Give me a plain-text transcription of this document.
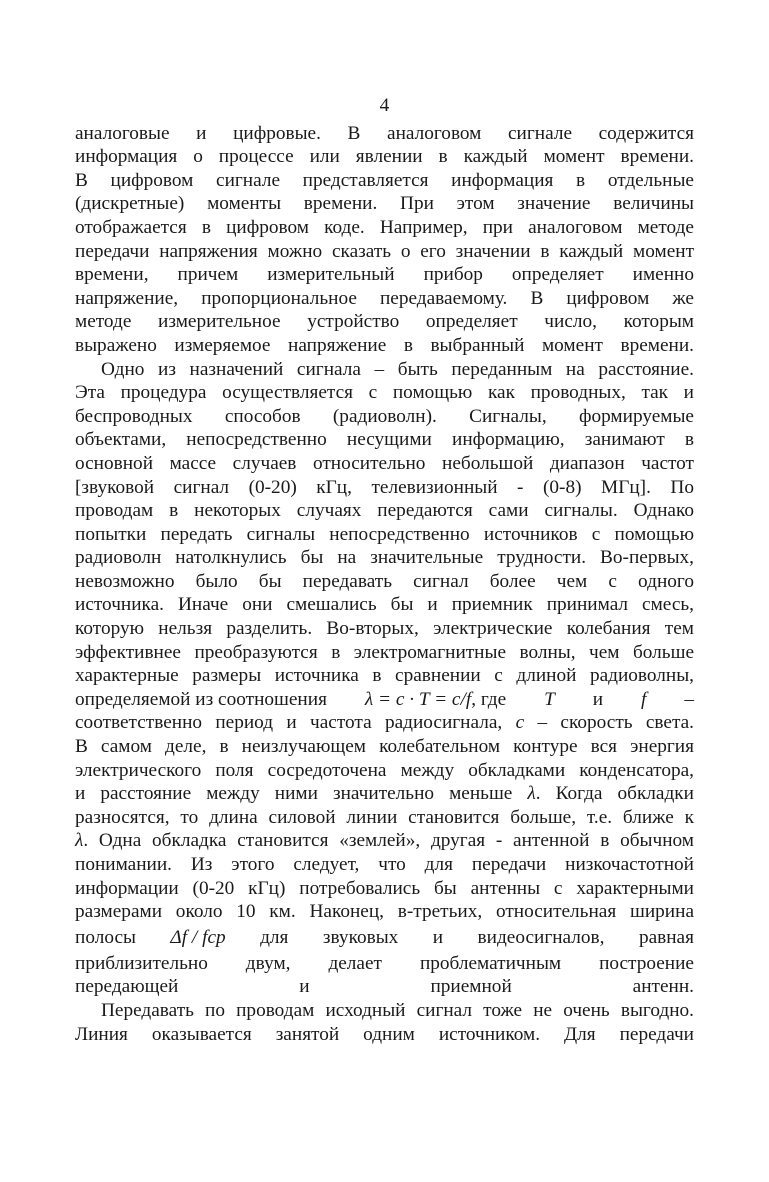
4

аналоговые и цифровые. В аналоговом сигнале содержится
информация о процессе или явлении в каждый момент времени.
В цифровом сигнале представляется информация в отдельные
(дискретные) моменты времени. При этом значение величины
отображается в цифровом коде. Например, при аналоговом методе
передачи напряжения можно сказать о его значении в каждый момент
времени, причем измерительный прибор определяет именно
напряжение, пропорциональное передаваемому. В цифровом же
методе измерительное устройство определяет число, которым
выражено измеряемое напряжение в выбранный момент времени.

Одно из назначений сигнала – быть переданным на расстояние.
Эта процедура осуществляется с помощью как проводных, так и
беспроводных способов (радиоволн). Сигналы, формируемые
объектами, непосредственно несущими информацию, занимают в
основной массе случаев относительно небольшой диапазон частот
[звуковой сигнал (0-20) кГц, телевизионный - (0-8) МГц]. По
проводам в некоторых случаях передаются сами сигналы. Однако
попытки передать сигналы непосредственно источников с помощью
радиоволн натолкнулись бы на значительные трудности. Во-первых,
невозможно было бы передавать сигнал более чем с одного
источника. Иначе они смешались бы и приемник принимал смесь,
которую нельзя разделить. Во-вторых, электрические колебания тем
эффективнее преобразуются в электромагнитные волны, чем больше
характерные размеры источника в сравнении с длиной радиоволны,
определяемой из соотношения λ = c · T = c/f, где T и f –
соответственно период и частота радиосигнала, c – скорость света.
В самом деле, в неизлучающем колебательном контуре вся энергия
электрического поля сосредоточена между обкладками конденсатора,
и расстояние между ними значительно меньше λ. Когда обкладки
разносятся, то длина силовой линии становится больше, т.е. ближе к
λ. Одна обкладка становится «землей», другая - антенной в обычном
понимании. Из этого следует, что для передачи низкочастотной
информации (0-20 кГц) потребовались бы антенны с характерными
размерами около 10 км. Наконец, в-третьих, относительная ширина
полосы Δf / fср для звуковых и видеосигналов, равная
приблизительно двум, делает проблематичным построение
передающей и приемной антенн.

Передавать по проводам исходный сигнал тоже не очень выгодно.
Линия оказывается занятой одним источником. Для передачи
